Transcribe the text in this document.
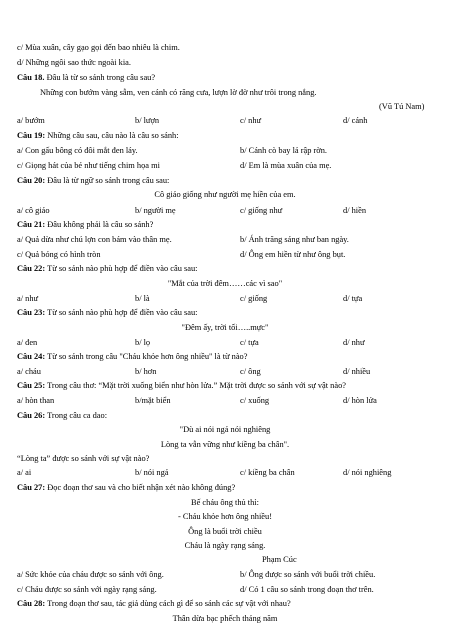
c/ Mùa xuân, cây gạo gọi đến bao nhiêu là chim.
d/ Những ngôi sao thức ngoài kia.
Câu 18. Đâu là từ so sánh trong câu sau?
Những con bướm vàng sẫm, ven cánh có răng cưa, lượn lờ đờ như trôi trong nắng.
(Vũ Tú Nam)
a/ bướm	b/ lượn	c/ như	d/ cánh
Câu 19: Những câu sau, câu nào là câu so sánh:
a/ Con gấu bông có đôi mắt đen láy.	b/ Cánh cò bay lả rập rờn.
c/ Giọng hát của bé như tiếng chim họa mi	d/ Em là mùa xuân của mẹ.
Câu 20: Đâu là từ ngữ so sánh trong câu sau:
Cô giáo giống như người mẹ hiền của em.
a/ cô giáo	b/ người mẹ	c/ giống như	d/ hiền
Câu 21: Đâu không phải là câu so sánh?
a/ Quả dừa như chú lợn con bám vào thân mẹ.	b/ Ánh trăng sáng như ban ngày.
c/ Quả bóng có hình tròn	d/ Ông em hiền từ như ông bụt.
Câu 22: Từ so sánh nào phù hợp để điền vào câu sau:
"Mắt của trời đêm……các vì sao"
a/ như	b/ là	c/ giống	d/ tựa
Câu 23: Từ so sánh nào phù hợp để điền vào câu sau:
"Đêm ấy, trời tối…..mực"
a/ đen	b/ lọ	c/ tựa	d/ như
Câu 24: Từ so sánh trong câu "Cháu khỏe hơn ông nhiều" là từ nào?
a/ cháu	b/ hơn	c/ ông	d/ nhiều
Câu 25: Trong câu thơ: “Mặt trời xuống biển như hòn lửa.” Mặt trời được so sánh với sự vật nào?
a/ hòn than	b/mặt biển	c/ xuống	d/ hòn lửa
Câu 26: Trong câu ca dao:
"Dù ai nói ngả nói nghiêng
Lòng ta vẫn vững như kiềng ba chân".
“Lòng ta” được so sánh với sự vật nào?
a/ ai	b/ nói ngả	c/ kiềng ba chân	d/ nói nghiêng
Câu 27: Đọc đoạn thơ sau và cho biết nhận xét nào không đúng?
Bế cháu ông thủ thỉ:
- Cháu khỏe hơn ông nhiều!
Ông là buổi trời chiều
Cháu là ngày rạng sáng.
Phạm Cúc
a/ Sức khỏe của cháu được so sánh với ông.	b/ Ông được so sánh với buổi trời chiều.
c/ Cháu được so sánh với ngày rạng sáng.	d/ Có 1 câu so sánh trong đoạn thơ trên.
Câu 28: Trong đoạn thơ sau, tác giả dùng cách gì để so sánh các sự vật với nhau?
Thân dừa bạc phếch tháng năm
